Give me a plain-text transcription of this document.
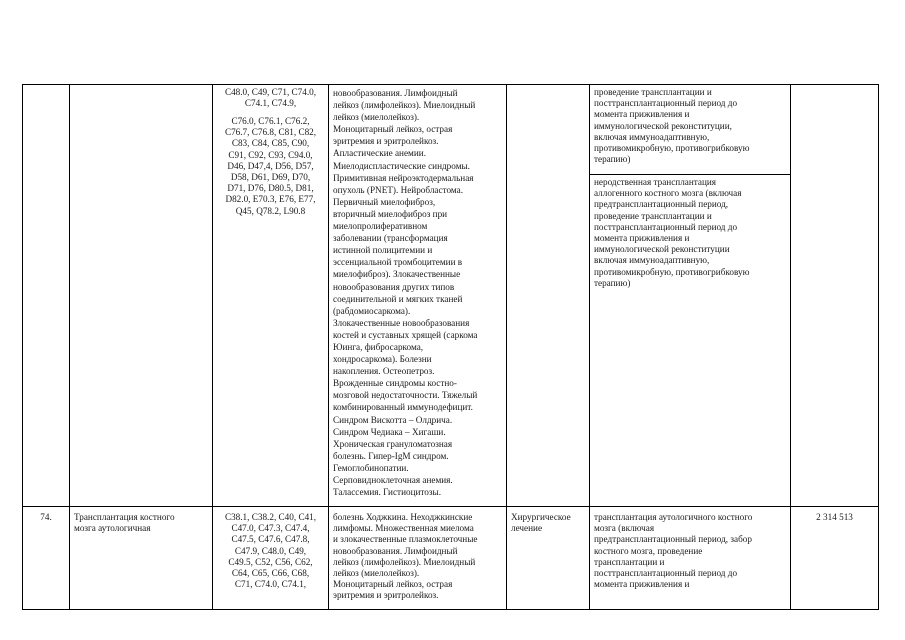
C48.0, C49, C71, C74.0,
C74.1, C74.9,
C76.0, C76.1, C76.2,
C76.7, C76.8, C81, C82,
C83, C84, C85, C90,
C91, C92, C93, C94.0,
D46, D47,4, D56, D57,
D58, D61, D69, D70,
D71, D76, D80.5, D81,
D82.0, E70.3, E76, E77,
Q45, Q78.2, L90.8
новообразования. Лимфоидный
лейкоз (лимфолейкоз). Миелоидный
лейкоз (миелолейкоз).
Моноцитарный лейкоз, острая
эритремия и эритролейкоз.
Апластические анемии.
Миелодиспластические синдромы.
Примитивная нейроэктодермальная
опухоль (PNET). Нейробластома.
Первичный миелофиброз,
вторичный миелофиброз при
миелопролиферативном
заболевании (трансформация
истинной полицитемии и
эссенциальной тромбоцитемии в
миелофиброз). Злокачественные
новообразования других типов
соединительной и мягких тканей
(рабдомиосаркома).
Злокачественные новообразования
костей и суставных хрящей (саркома
Юинга, фибросаркома,
хондросаркома). Болезни
накопления. Остеопетроз.
Врожденные синдромы костно-
мозговой недостаточности. Тяжелый
комбинированный иммунодефицит.
Синдром Вискотта – Олдрича.
Синдром Чедиака – Хигаши.
Хроническая грануломатозная
болезнь. Гипер-IgM синдром.
Гемоглобинопатии.
Серповидноклеточная анемия.
Талассемия. Гистиоцитозы.
проведение трансплантации и
посттрансплантационный период до
момента приживления и
иммунологической реконституции,
включая иммуноадаптивную,
противомикробную, противогрибковую
терапию)
неродственная трансплантация
аллогенного костного мозга (включая
предтрансплантационный период,
проведение трансплантации и
посттрансплантационный период до
момента приживления и
иммунологической реконституции
включая иммуноадаптивную,
противомикробную, противогрибковую
терапию)
74.	Трансплантация костного
мозга аутологичная
C38.1, C38.2, C40, C41,
C47.0, C47.3, C47.4,
C47.5, C47.6, C47.8,
C47.9, C48.0, C49,
C49.5, C52, C56, C62,
C64, C65, C66, C68,
C71, C74.0, C74.1,
болезнь Ходжкина. Неходжкинские
лимфомы. Множественная миелома
и злокачественные плазмоклеточные
новообразования. Лимфоидный
лейкоз (лимфолейкоз). Миелоидный
лейкоз (миелолейкоз).
Моноцитарный лейкоз, острая
эритремия и эритролейкоз.
Хирургическое
лечение
трансплантация аутологичного костного
мозга (включая
предтрансплантационный период, забор
костного мозга, проведение
трансплантации и
посттрансплантационный период до
момента приживления и
2 314 513
